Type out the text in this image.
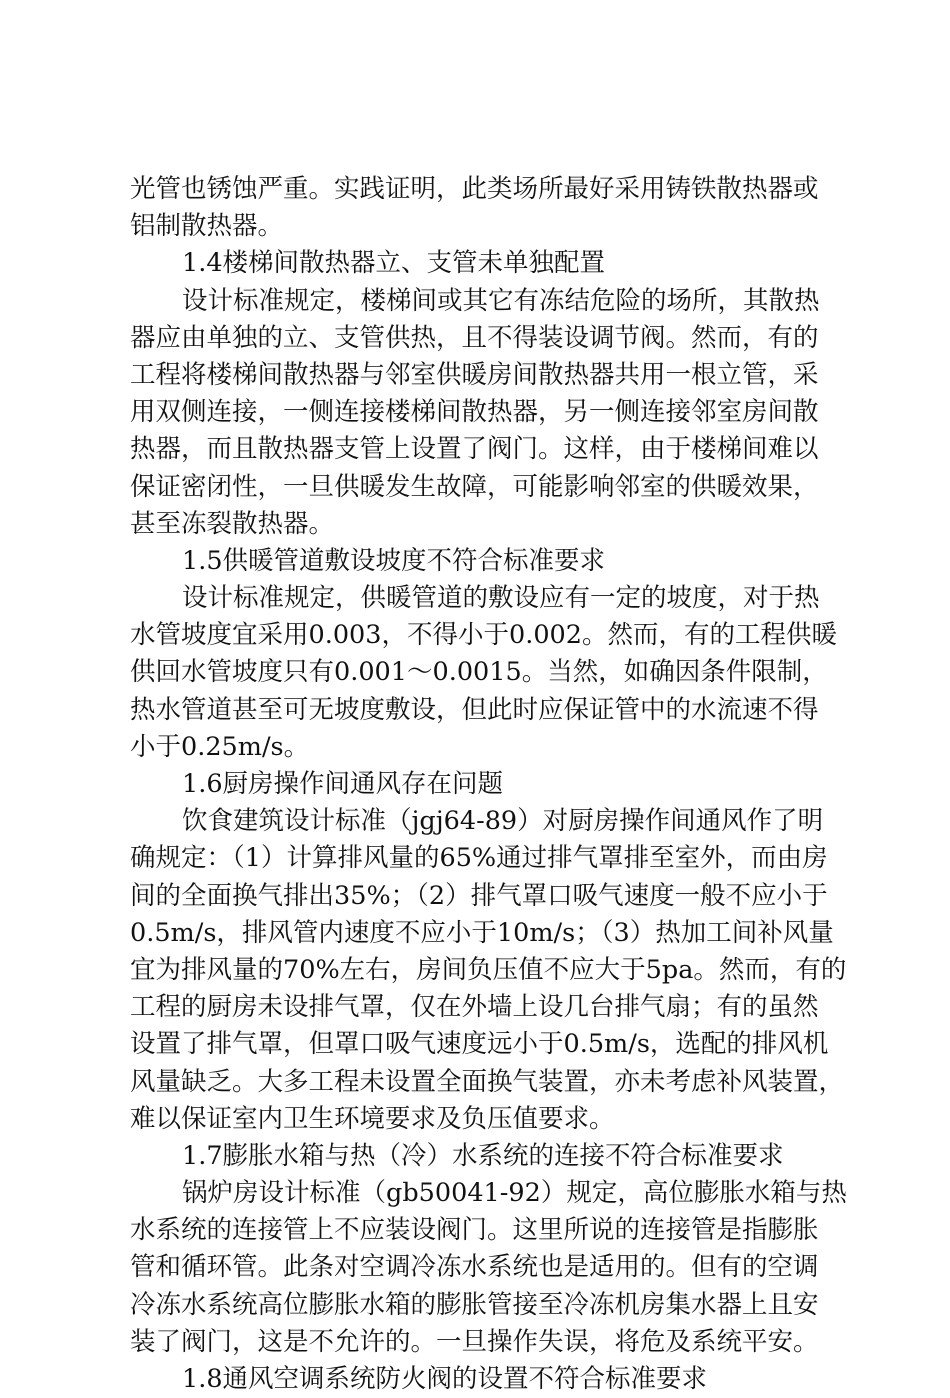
光管也锈蚀严重。实践证明，此类场所最好采用铸铁散热器或
铝制散热器。
1.4楼梯间散热器立、支管未单独配置
设计标准规定，楼梯间或其它有冻结危险的场所，其散热
器应由单独的立、支管供热，且不得装设调节阀。然而，有的
工程将楼梯间散热器与邻室供暖房间散热器共用一根立管，采
用双侧连接，一侧连接楼梯间散热器，另一侧连接邻室房间散
热器，而且散热器支管上设置了阀门。这样，由于楼梯间难以
保证密闭性，一旦供暖发生故障，可能影响邻室的供暖效果，
甚至冻裂散热器。
1.5供暖管道敷设坡度不符合标准要求
设计标准规定，供暖管道的敷设应有一定的坡度，对于热
水管坡度宜采用0.003，不得小于0.002。然而，有的工程供暖
供回水管坡度只有0.001～0.0015。当然，如确因条件限制，
热水管道甚至可无坡度敷设，但此时应保证管中的水流速不得
小于0.25m/s。
1.6厨房操作间通风存在问题
饮食建筑设计标准（jgj64-89）对厨房操作间通风作了明
确规定：（1）计算排风量的65%通过排气罩排至室外，而由房
间的全面换气排出35%；（2）排气罩口吸气速度一般不应小于
0.5m/s，排风管内速度不应小于10m/s；（3）热加工间补风量
宜为排风量的70%左右，房间负压值不应大于5pa。然而，有的
工程的厨房未设排气罩，仅在外墙上设几台排气扇；有的虽然
设置了排气罩，但罩口吸气速度远小于0.5m/s，选配的排风机
风量缺乏。大多工程未设置全面换气装置，亦未考虑补风装置，
难以保证室内卫生环境要求及负压值要求。
1.7膨胀水箱与热（冷）水系统的连接不符合标准要求
锅炉房设计标准（gb50041-92）规定，高位膨胀水箱与热
水系统的连接管上不应装设阀门。这里所说的连接管是指膨胀
管和循环管。此条对空调冷冻水系统也是适用的。但有的空调
冷冻水系统高位膨胀水箱的膨胀管接至冷冻机房集水器上且安
装了阀门，这是不允许的。一旦操作失误，将危及系统平安。
1.8通风空调系统防火阀的设置不符合标准要求
